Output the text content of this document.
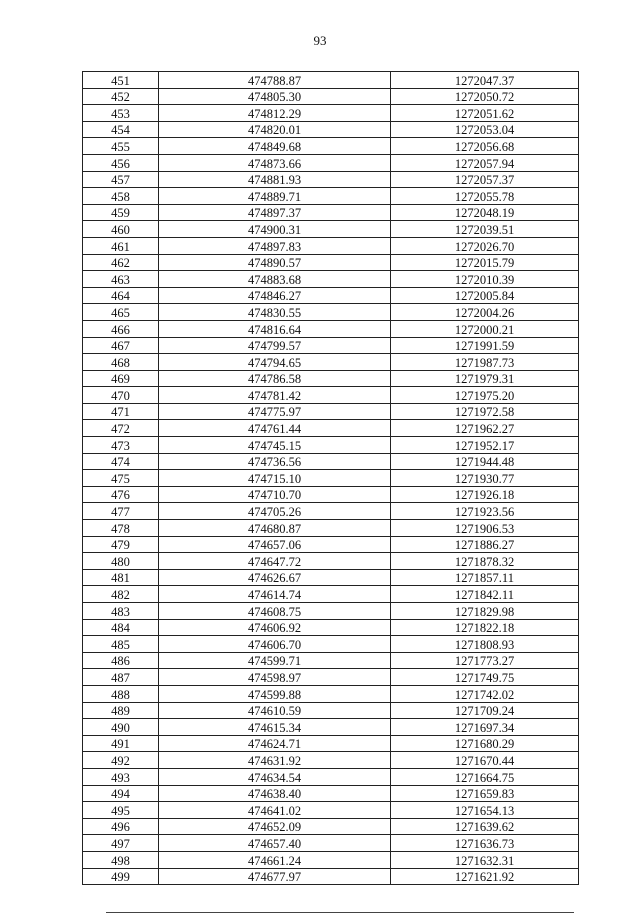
93
451	474788.87	1272047.37
452	474805.30	1272050.72
453	474812.29	1272051.62
454	474820.01	1272053.04
455	474849.68	1272056.68
456	474873.66	1272057.94
457	474881.93	1272057.37
458	474889.71	1272055.78
459	474897.37	1272048.19
460	474900.31	1272039.51
461	474897.83	1272026.70
462	474890.57	1272015.79
463	474883.68	1272010.39
464	474846.27	1272005.84
465	474830.55	1272004.26
466	474816.64	1272000.21
467	474799.57	1271991.59
468	474794.65	1271987.73
469	474786.58	1271979.31
470	474781.42	1271975.20
471	474775.97	1271972.58
472	474761.44	1271962.27
473	474745.15	1271952.17
474	474736.56	1271944.48
475	474715.10	1271930.77
476	474710.70	1271926.18
477	474705.26	1271923.56
478	474680.87	1271906.53
479	474657.06	1271886.27
480	474647.72	1271878.32
481	474626.67	1271857.11
482	474614.74	1271842.11
483	474608.75	1271829.98
484	474606.92	1271822.18
485	474606.70	1271808.93
486	474599.71	1271773.27
487	474598.97	1271749.75
488	474599.88	1271742.02
489	474610.59	1271709.24
490	474615.34	1271697.34
491	474624.71	1271680.29
492	474631.92	1271670.44
493	474634.54	1271664.75
494	474638.40	1271659.83
495	474641.02	1271654.13
496	474652.09	1271639.62
497	474657.40	1271636.73
498	474661.24	1271632.31
499	474677.97	1271621.92
